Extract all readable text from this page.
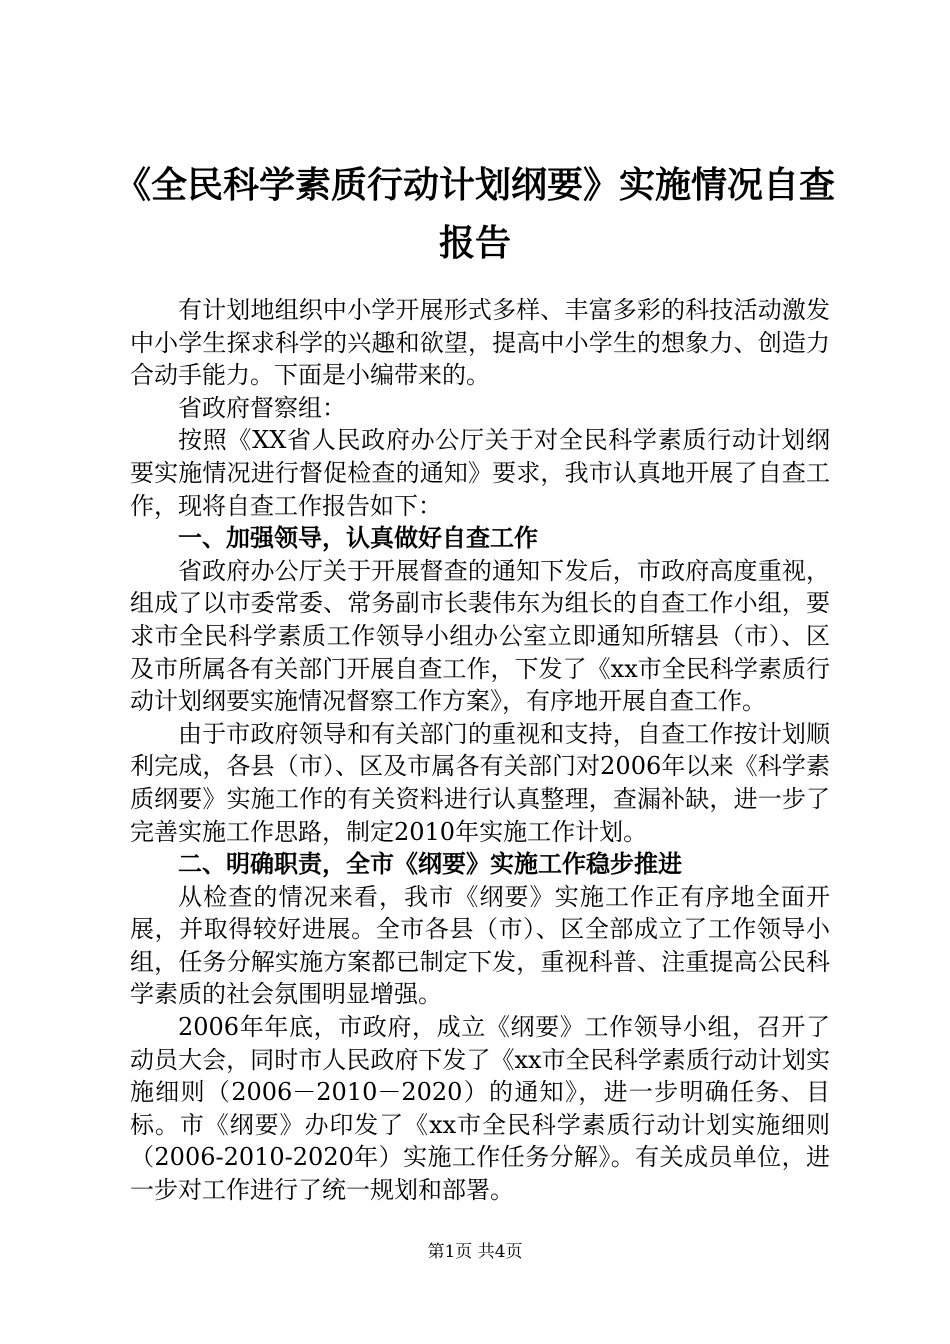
《全民科学素质行动计划纲要》实施情况自查
报告

有计划地组织中小学开展形式多样、丰富多彩的科技活动激发中小学生探求科学的兴趣和欲望，提高中小学生的想象力、创造力合动手能力。下面是小编带来的。

省政府督察组：

按照《XX省人民政府办公厅关于对全民科学素质行动计划纲要实施情况进行督促检查的通知》要求，我市认真地开展了自查工作，现将自查工作报告如下：

一、加强领导，认真做好自查工作

省政府办公厅关于开展督查的通知下发后，市政府高度重视，组成了以市委常委、常务副市长裴伟东为组长的自查工作小组，要求市全民科学素质工作领导小组办公室立即通知所辖县（市）、区及市所属各有关部门开展自查工作，下发了《xx市全民科学素质行动计划纲要实施情况督察工作方案》，有序地开展自查工作。

由于市政府领导和有关部门的重视和支持，自查工作按计划顺利完成，各县（市）、区及市属各有关部门对2006年以来《科学素质纲要》实施工作的有关资料进行认真整理，查漏补缺，进一步了完善实施工作思路，制定2010年实施工作计划。

二、明确职责，全市《纲要》实施工作稳步推进

从检查的情况来看，我市《纲要》实施工作正有序地全面开展，并取得较好进展。全市各县（市）、区全部成立了工作领导小组，任务分解实施方案都已制定下发，重视科普、注重提高公民科学素质的社会氛围明显增强。

2006年年底，市政府，成立《纲要》工作领导小组，召开了动员大会，同时市人民政府下发了《xx市全民科学素质行动计划实施细则（2006－2010－2020）的通知》，进一步明确任务、目标。市《纲要》办印发了《xx市全民科学素质行动计划实施细则（2006-2010-2020年）实施工作任务分解》。有关成员单位，进一步对工作进行了统一规划和部署。

第1页 共4页
